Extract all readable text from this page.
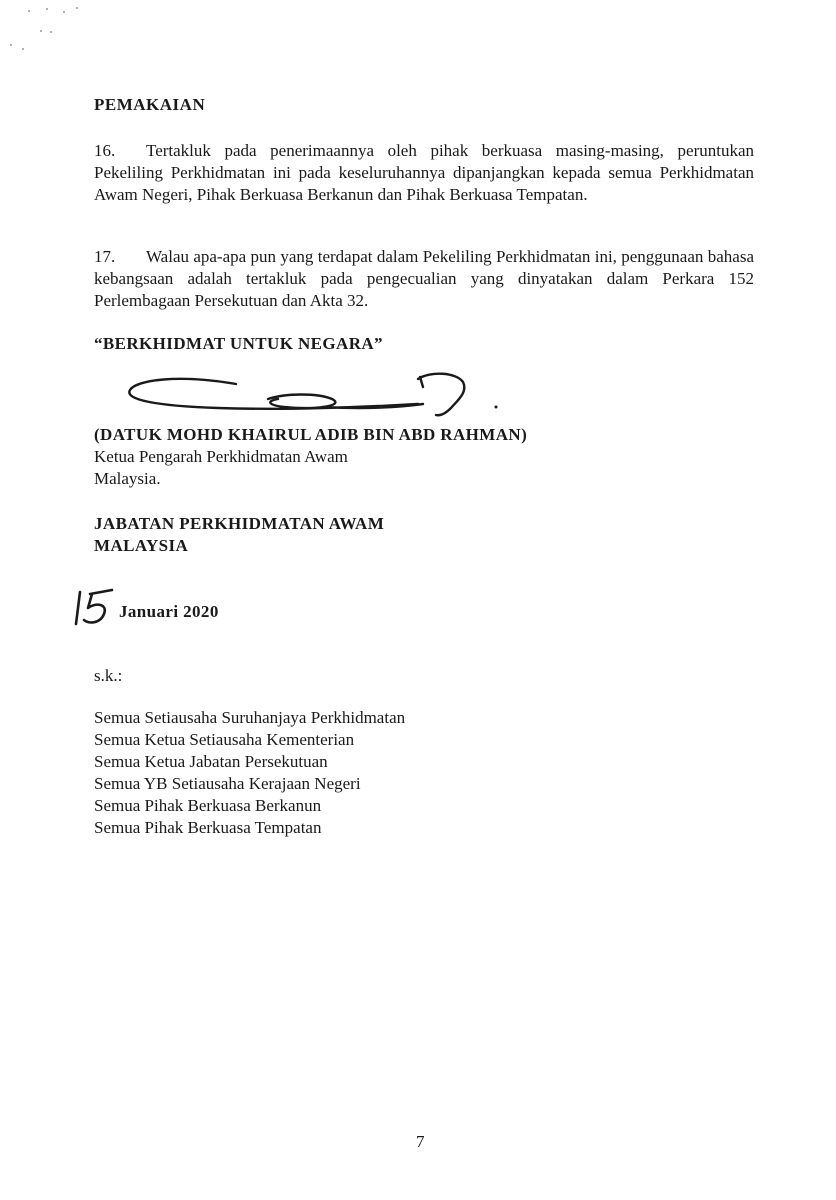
PEMAKAIAN

16. Tertakluk pada penerimaannya oleh pihak berkuasa masing-masing, peruntukan Pekeliling Perkhidmatan ini pada keseluruhannya dipanjangkan kepada semua Perkhidmatan Awam Negeri, Pihak Berkuasa Berkanun dan Pihak Berkuasa Tempatan.

17. Walau apa-apa pun yang terdapat dalam Pekeliling Perkhidmatan ini, penggunaan bahasa kebangsaan adalah tertakluk pada pengecualian yang dinyatakan dalam Perkara 152 Perlembagaan Persekutuan dan Akta 32.

“BERKHIDMAT UNTUK NEGARA”
(DATUK MOHD KHAIRUL ADIB BIN ABD RAHMAN)
Ketua Pengarah Perkhidmatan Awam
Malaysia.
JABATAN PERKHIDMATAN AWAM
MALAYSIA
Januari 2020
s.k.:
Semua Setiausaha Suruhanjaya Perkhidmatan
Semua Ketua Setiausaha Kementerian
Semua Ketua Jabatan Persekutuan
Semua YB Setiausaha Kerajaan Negeri
Semua Pihak Berkuasa Berkanun
Semua Pihak Berkuasa Tempatan
7
